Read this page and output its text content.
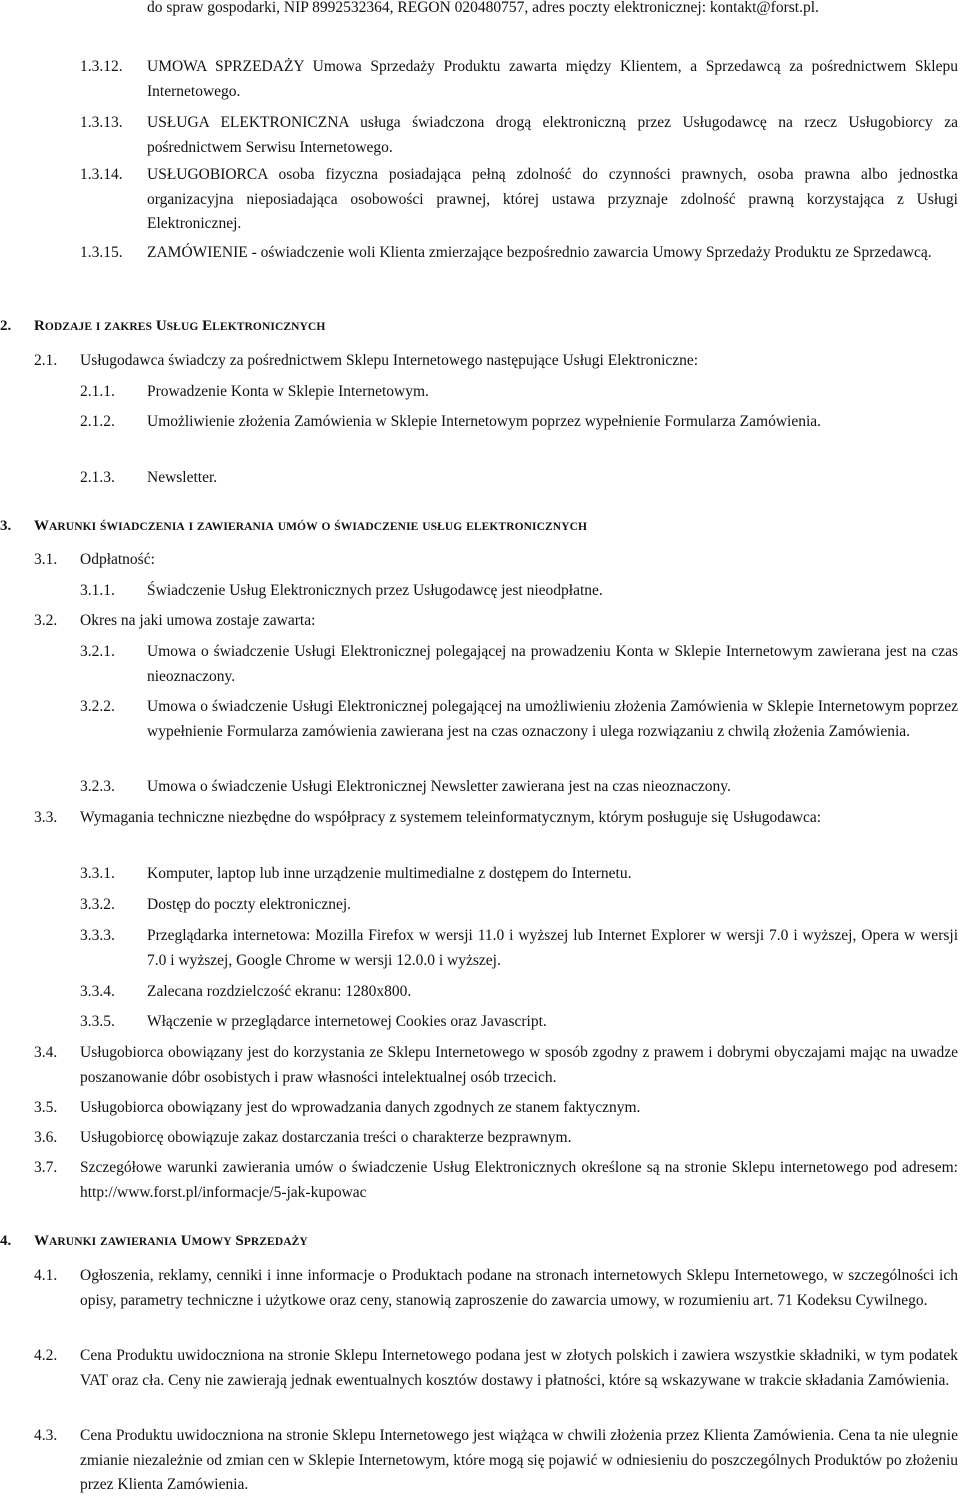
do spraw gospodarki, NIP 8992532364, REGON 020480757, adres poczty elektronicznej: kontakt@forst.pl.
1.3.12. UMOWA SPRZEDAŻY Umowa Sprzedaży Produktu zawarta między Klientem, a Sprzedawcą za pośrednictwem Sklepu Internetowego.
1.3.13. USŁUGA ELEKTRONICZNA usługa świadczona drogą elektroniczną przez Usługodawcę na rzecz Usługobiorcy za pośrednictwem Serwisu Internetowego.
1.3.14. USŁUGOBIORCA osoba fizyczna posiadająca pełną zdolność do czynności prawnych, osoba prawna albo jednostka organizacyjna nieposiadająca osobowości prawnej, której ustawa przyznaje zdolność prawną korzystająca z Usługi Elektronicznej.
1.3.15. ZAMÓWIENIE - oświadczenie woli Klienta zmierzające bezpośrednio zawarcia Umowy Sprzedaży Produktu ze Sprzedawcą.
2. RODZAJE I ZAKRES USŁUG ELEKTRONICZNYCH
2.1. Usługodawca świadczy za pośrednictwem Sklepu Internetowego następujące Usługi Elektroniczne:
2.1.1. Prowadzenie Konta w Sklepie Internetowym.
2.1.2. Umożliwienie złożenia Zamówienia w Sklepie Internetowym poprzez wypełnienie Formularza Zamówienia.
2.1.3. Newsletter.
3. WARUNKI ŚWIADCZENIA I ZAWIERANIA UMÓW O ŚWIADCZENIE USŁUG ELEKTRONICZNYCH
3.1. Odpłatność:
3.1.1. Świadczenie Usług Elektronicznych przez Usługodawcę jest nieodpłatne.
3.2. Okres na jaki umowa zostaje zawarta:
3.2.1. Umowa o świadczenie Usługi Elektronicznej polegającej na prowadzeniu Konta w Sklepie Internetowym zawierana jest na czas nieoznaczony.
3.2.2. Umowa o świadczenie Usługi Elektronicznej polegającej na umożliwieniu złożenia Zamówienia w Sklepie Internetowym poprzez wypełnienie Formularza zamówienia zawierana jest na czas oznaczony i ulega rozwiązaniu z chwilą złożenia Zamówienia.
3.2.3. Umowa o świadczenie Usługi Elektronicznej Newsletter zawierana jest na czas nieoznaczony.
3.3. Wymagania techniczne niezbędne do współpracy z systemem teleinformatycznym, którym posługuje się Usługodawca:
3.3.1. Komputer, laptop lub inne urządzenie multimedialne z dostępem do Internetu.
3.3.2. Dostęp do poczty elektronicznej.
3.3.3. Przeglądarka internetowa: Mozilla Firefox w wersji 11.0 i wyższej lub Internet Explorer w wersji 7.0 i wyższej, Opera w wersji 7.0 i wyższej, Google Chrome w wersji 12.0.0 i wyższej.
3.3.4. Zalecana rozdzielczość ekranu: 1280x800.
3.3.5. Włączenie w przeglądarce internetowej Cookies oraz Javascript.
3.4. Usługobiorca obowiązany jest do korzystania ze Sklepu Internetowego w sposób zgodny z prawem i dobrymi obyczajami mając na uwadze poszanowanie dóbr osobistych i praw własności intelektualnej osób trzecich.
3.5. Usługobiorca obowiązany jest do wprowadzania danych zgodnych ze stanem faktycznym.
3.6. Usługobiorcę obowiązuje zakaz dostarczania treści o charakterze bezprawnym.
3.7. Szczegółowe warunki zawierania umów o świadczenie Usług Elektronicznych określone są na stronie Sklepu internetowego pod adresem: http://www.forst.pl/informacje/5-jak-kupowac
4. WARUNKI ZAWIERANIA UMOWY SPRZEDAŻY
4.1. Ogłoszenia, reklamy, cenniki i inne informacje o Produktach podane na stronach internetowych Sklepu Internetowego, w szczególności ich opisy, parametry techniczne i użytkowe oraz ceny, stanowią zaproszenie do zawarcia umowy, w rozumieniu art. 71 Kodeksu Cywilnego.
4.2. Cena Produktu uwidoczniona na stronie Sklepu Internetowego podana jest w złotych polskich i zawiera wszystkie składniki, w tym podatek VAT oraz cła. Ceny nie zawierają jednak ewentualnych kosztów dostawy i płatności, które są wskazywane w trakcie składania Zamówienia.
4.3. Cena Produktu uwidoczniona na stronie Sklepu Internetowego jest wiążąca w chwili złożenia przez Klienta Zamówienia. Cena ta nie ulegnie zmianie niezależnie od zmian cen w Sklepie Internetowym, które mogą się pojawić w odniesieniu do poszczególnych Produktów po złożeniu przez Klienta Zamówienia.
